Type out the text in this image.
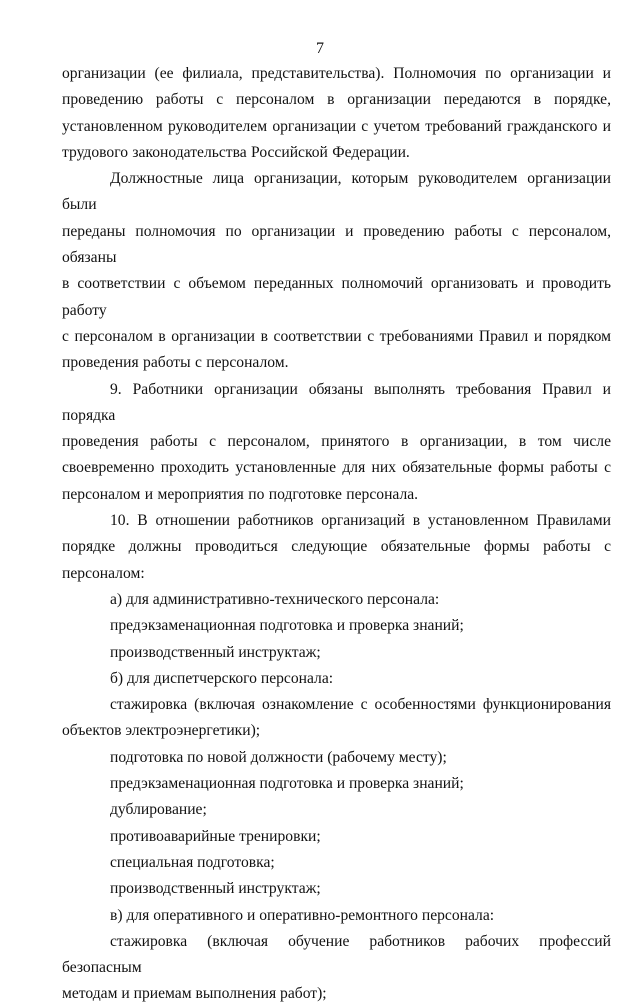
7

организации (ее филиала, представительства). Полномочия по организации и

проведению работы с персоналом в организации передаются в порядке,

установленном руководителем организации с учетом требований гражданского и

трудового законодательства Российской Федерации.

Должностные лица организации, которым руководителем организации были

переданы полномочия по организации и проведению работы с персоналом, обязаны

в соответствии с объемом переданных полномочий организовать и проводить работу

с персоналом в организации в соответствии с требованиями Правил и порядком

проведения работы с персоналом.

9. Работники организации обязаны выполнять требования Правил и порядка

проведения работы с персоналом, принятого в организации, в том числе

своевременно проходить установленные для них обязательные формы работы с

персоналом и мероприятия по подготовке персонала.

10. В отношении работников организаций в установленном Правилами

порядке должны проводиться следующие обязательные формы работы с

персоналом:

а) для административно-технического персонала:

предэкзаменационная подготовка и проверка знаний;

производственный инструктаж;

б) для диспетчерского персонала:

стажировка (включая ознакомление с особенностями функционирования
объектов электроэнергетики);

подготовка по новой должности (рабочему месту);

предэкзаменационная подготовка и проверка знаний;

дублирование;

противоаварийные тренировки;

специальная подготовка;

производственный инструктаж;

в) для оперативного и оперативно-ремонтного персонала:

стажировка (включая обучение работников рабочих профессий безопасным
методам и приемам выполнения работ);
